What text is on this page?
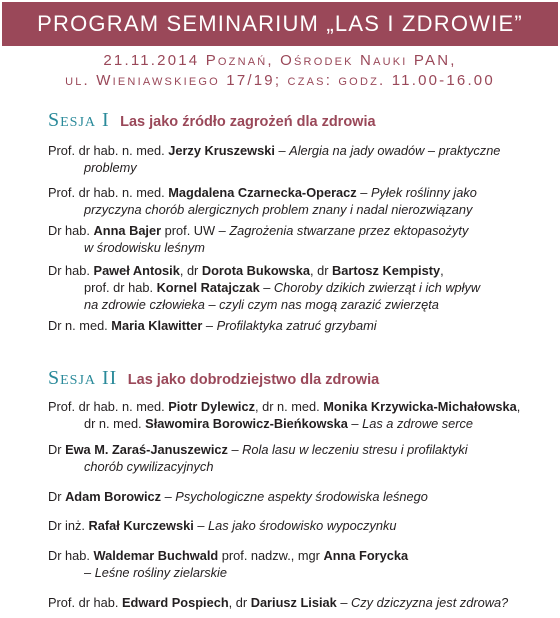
PROGRAM SEMINARIUM „LAS I ZDROWIE”
21.11.2014 Poznań, Ośrodek Nauki PAN,
ul. Wieniawskiego 17/19; czas: godz. 11.00-16.00
Sesja I Las jako źródło zagrożeń dla zdrowia
Prof. dr hab. n. med. Jerzy Kruszewski – Alergia na jady owadów – praktyczne
problemy
Prof. dr hab. n. med. Magdalena Czarnecka-Operacz – Pyłek roślinny jako
przyczyna chorób alergicznych problem znany i nadal nierozwiązany
Dr hab. Anna Bajer prof. UW – Zagrożenia stwarzane przez ektopasożyty
w środowisku leśnym
Dr hab. Paweł Antosik, dr Dorota Bukowska, dr Bartosz Kempisty,
prof. dr hab. Kornel Ratajczak – Choroby dzikich zwierząt i ich wpływ
na zdrowie człowieka – czyli czym nas mogą zarazić zwierzęta
Dr n. med. Maria Klawitter – Profilaktyka zatruć grzybami
Sesja II Las jako dobrodziejstwo dla zdrowia
Prof. dr hab. n. med. Piotr Dylewicz, dr n. med. Monika Krzywicka-Michałowska,
dr n. med. Sławomira Borowicz-Bieńkowska – Las a zdrowe serce
Dr Ewa M. Zaraś-Januszewicz – Rola lasu w leczeniu stresu i profilaktyki
chorób cywilizacyjnych
Dr Adam Borowicz – Psychologiczne aspekty środowiska leśnego
Dr inż. Rafał Kurczewski – Las jako środowisko wypoczynku
Dr hab. Waldemar Buchwald prof. nadzw., mgr Anna Forycka
– Leśne rośliny zielarskie
Prof. dr hab. Edward Pospiech, dr Dariusz Lisiak – Czy dziczyzna jest zdrowa?
